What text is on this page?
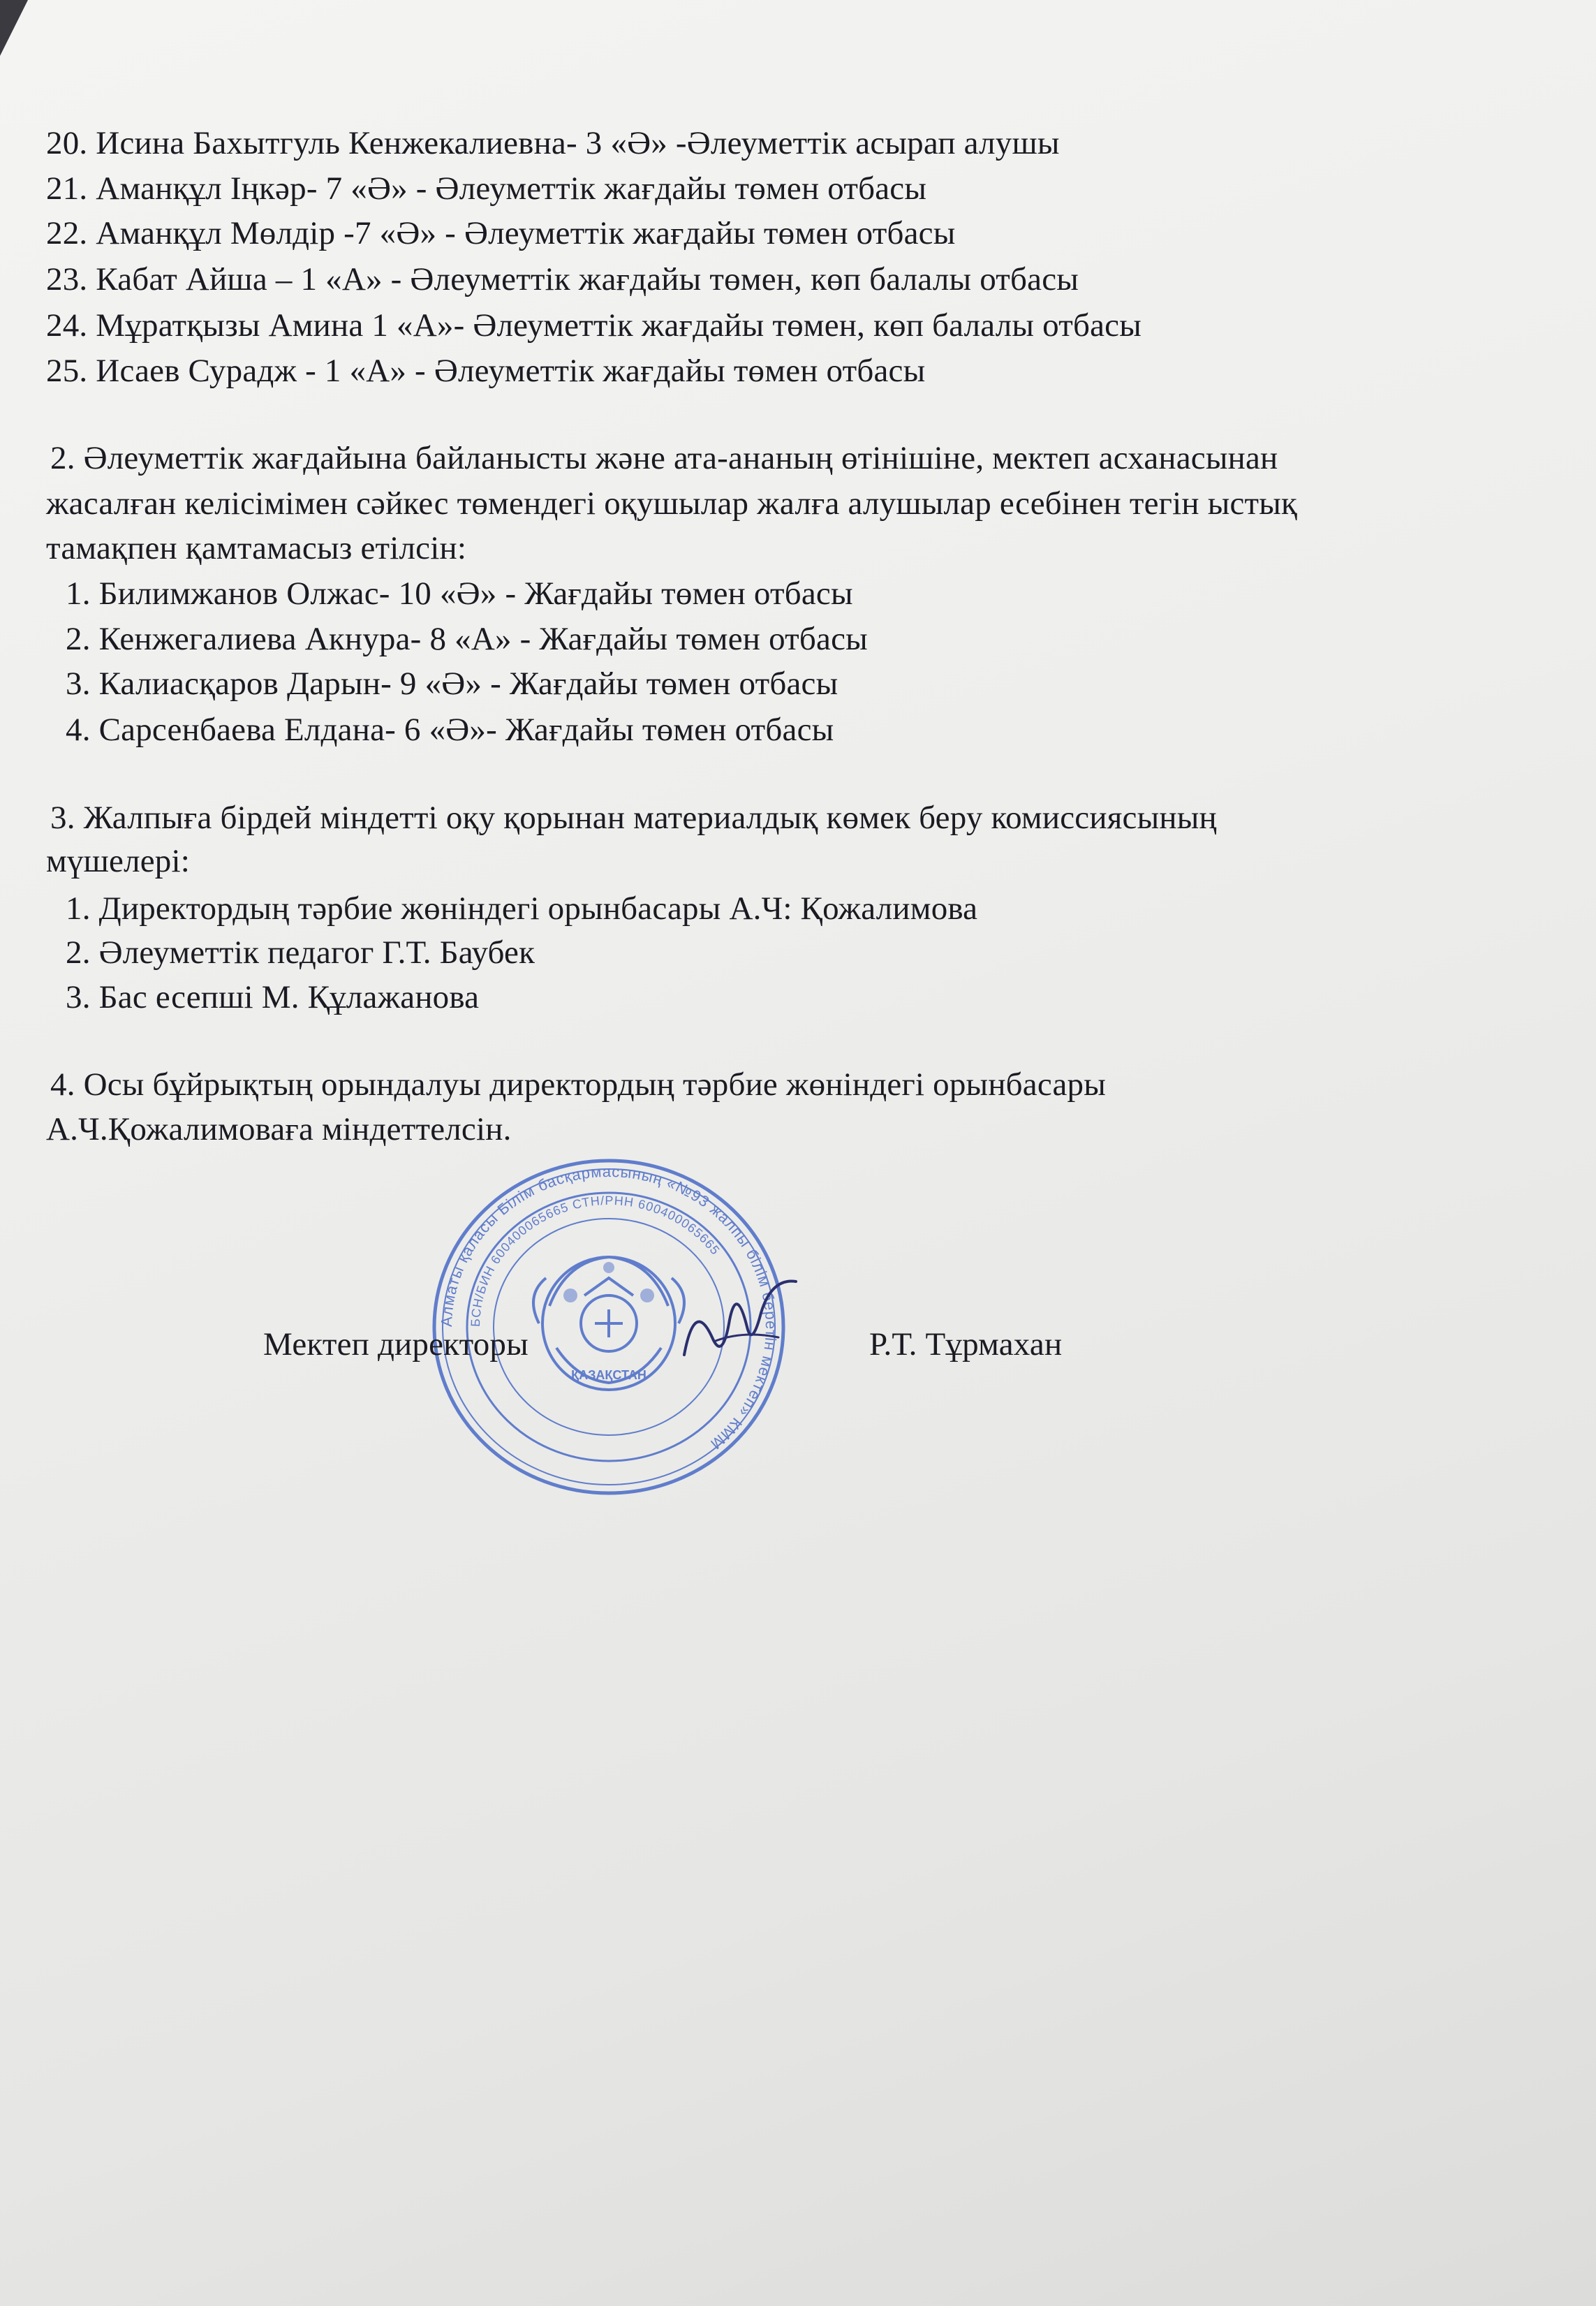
20. Исина Бахытгуль Кенжекалиевна- 3 «Ә» -Әлеуметтік асырап алушы
21. Аманқұл Іңкәр- 7 «Ә» - Әлеуметтік жағдайы төмен отбасы
22. Аманқұл Мөлдір -7 «Ә» - Әлеуметтік жағдайы төмен отбасы
23. Кабат Айша – 1 «А» - Әлеуметтік жағдайы төмен, көп балалы отбасы
24. Мұратқызы Амина 1 «А»- Әлеуметтік жағдайы төмен, көп балалы отбасы
25. Исаев Сурадж - 1 «А» - Әлеуметтік жағдайы төмен отбасы
2. Әлеуметтік жағдайына байланысты және ата-ананың өтінішіне, мектеп асханасынан
жасалған келісімімен сәйкес төмендегі оқушылар жалға алушылар есебінен тегін ыстық
тамақпен қамтамасыз етілсін:
1. Билимжанов Олжас- 10 «Ә» - Жағдайы төмен отбасы
2. Кенжегалиева Акнура- 8 «А» - Жағдайы төмен отбасы
3. Калиасқаров Дарын- 9 «Ә» - Жағдайы төмен отбасы
4. Сарсенбаева Елдана- 6 «Ә»- Жағдайы төмен отбасы
3. Жалпыға бірдей міндетті оқу қорынан материалдық көмек беру комиссиясының
мүшелері:
1. Директордың тәрбие жөніндегі орынбасары А.Ч: Қожалимова
2. Әлеуметтік педагог Г.Т. Баубек
3. Бас есепші М. Құлажанова
4. Осы бұйрықтың орындалуы директордың тәрбие жөніндегі орынбасары
А.Ч.Қожалимоваға міндеттелсін.
Алматы қаласы Білім басқармасының «№93 жалпы білім беретін мектеп» КММ
БСН/БИН 600400065665 СТН/РНН 600400065665
ҚАЗАҚСТАН
Мектеп директоры	Р.Т. Тұрмахан
